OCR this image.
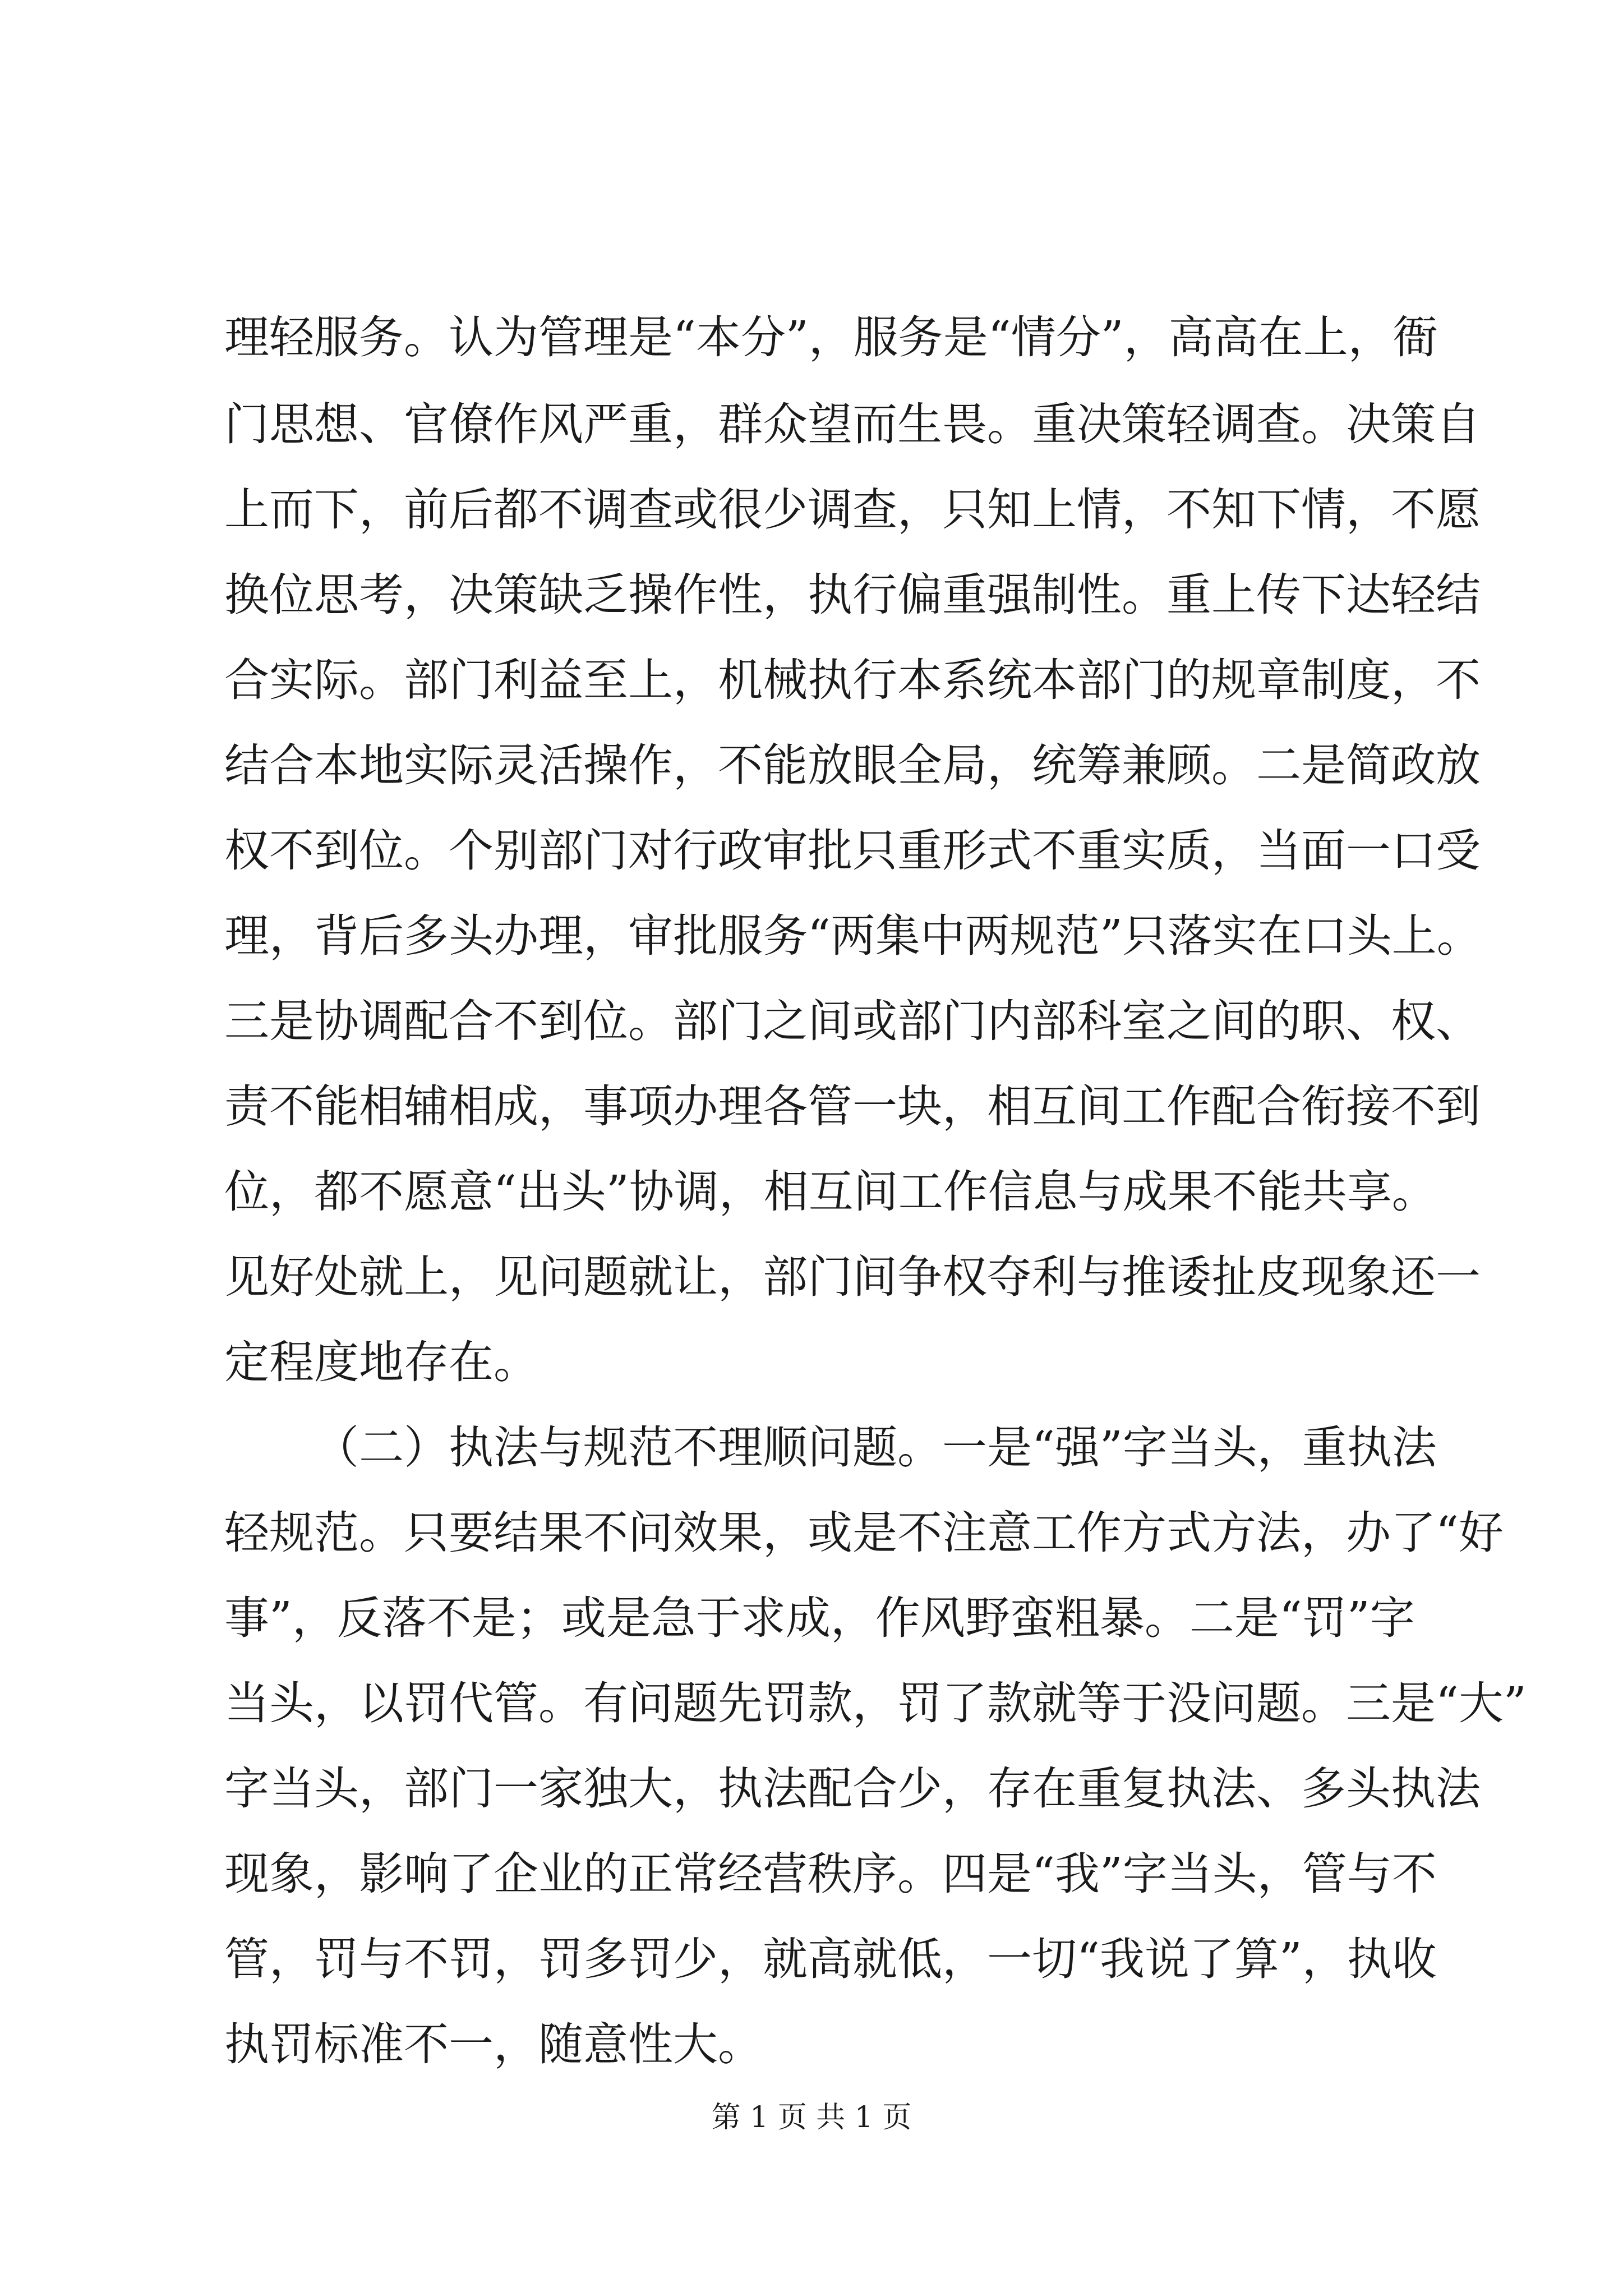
理轻服务。认为管理是“本分”，服务是“情分”，高高在上，衙
门思想、官僚作风严重，群众望而生畏。重决策轻调查。决策自
上而下，前后都不调查或很少调查，只知上情，不知下情，不愿
换位思考，决策缺乏操作性，执行偏重强制性。重上传下达轻结
合实际。部门利益至上，机械执行本系统本部门的规章制度，不
结合本地实际灵活操作，不能放眼全局，统筹兼顾。二是简政放
权不到位。个别部门对行政审批只重形式不重实质，当面一口受
理，背后多头办理，审批服务“两集中两规范”只落实在口头上。
三是协调配合不到位。部门之间或部门内部科室之间的职、权、
责不能相辅相成，事项办理各管一块，相互间工作配合衔接不到
位，都不愿意“出头”协调，相互间工作信息与成果不能共享。
见好处就上，见问题就让，部门间争权夺利与推诿扯皮现象还一
定程度地存在。
（二）执法与规范不理顺问题。一是“强”字当头，重执法
轻规范。只要结果不问效果，或是不注意工作方式方法，办了“好
事”，反落不是；或是急于求成，作风野蛮粗暴。二是“罚”字
当头，以罚代管。有问题先罚款，罚了款就等于没问题。三是“大”
字当头，部门一家独大，执法配合少，存在重复执法、多头执法
现象，影响了企业的正常经营秩序。四是“我”字当头，管与不
管，罚与不罚，罚多罚少，就高就低，一切“我说了算”，执收
执罚标准不一，随意性大。
第 1 页 共 1 页
